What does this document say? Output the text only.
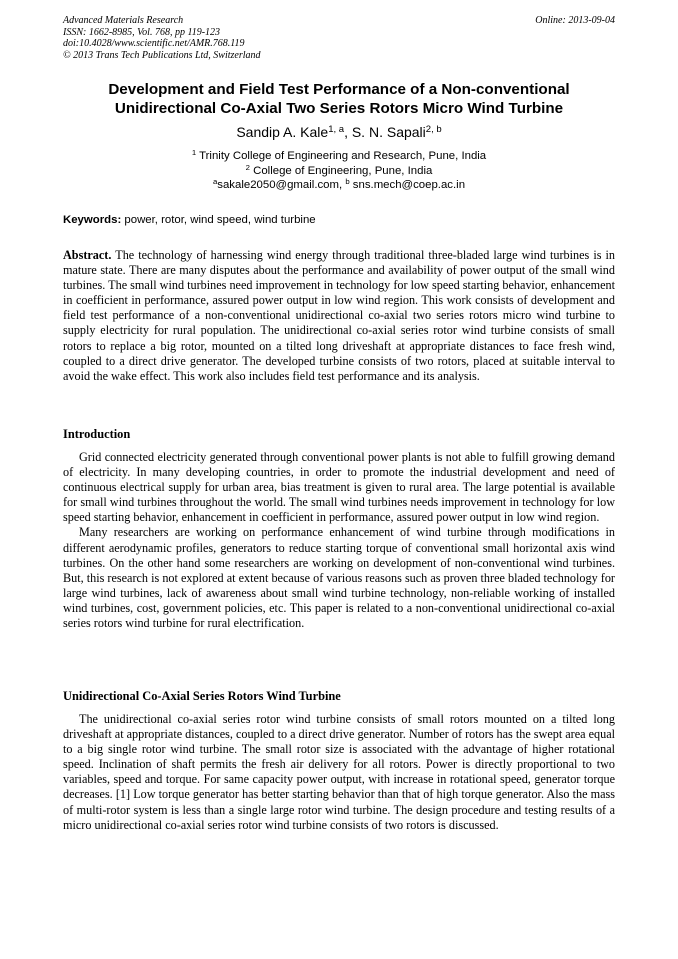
Advanced Materials Research
ISSN: 1662-8985, Vol. 768, pp 119-123
doi:10.4028/www.scientific.net/AMR.768.119
© 2013 Trans Tech Publications Ltd, Switzerland
Online: 2013-09-04
Development and Field Test Performance of a Non-conventional
Unidirectional Co-Axial Two Series Rotors Micro Wind Turbine
Sandip A. Kale$^{1, a}$, S. N. Sapali$^{2, b}$
$^1$ Trinity College of Engineering and Research, Pune, India
$^2$ College of Engineering, Pune, India
$^a$sakale2050@gmail.com, $^b$ sns.mech@coep.ac.in
Keywords: power, rotor, wind speed, wind turbine

Abstract. The technology of harnessing wind energy through traditional three-bladed large wind turbines is in mature state. There are many disputes about the performance and availability of power output of the small wind turbines. The small wind turbines need improvement in technology for low speed starting behavior, enhancement in coefficient in performance, assured power output in low wind region. This work consists of development and field test performance of a non-conventional unidirectional co-axial two series rotors micro wind turbine to supply electricity for rural population. The unidirectional co-axial series rotor wind turbine consists of small rotors to replace a big rotor, mounted on a tilted long driveshaft at appropriate distances to face fresh wind, coupled to a direct drive generator. The developed turbine consists of two rotors, placed at suitable interval to avoid the wake effect. This work also includes field test performance and its analysis.

Introduction

Grid connected electricity generated through conventional power plants is not able to fulfill growing demand of electricity. In many developing countries, in order to promote the industrial development and need of continuous electrical supply for urban area, bias treatment is given to rural area. The large potential is available for small wind turbines throughout the world. The small wind turbines needs improvement in technology for low speed starting behavior, enhancement in coefficient in performance, assured power output in low wind region.

Many researchers are working on performance enhancement of wind turbine through modifications in different aerodynamic profiles, generators to reduce starting torque of conventional small horizontal axis wind turbines. On the other hand some researchers are working on development of non-conventional wind turbines. But, this research is not explored at extent because of various reasons such as proven three bladed technology for large wind turbines, lack of awareness about small wind turbine technology, non-reliable working of installed wind turbines, cost, government policies, etc. This paper is related to a non-conventional unidirectional co-axial series rotors wind turbine for rural electrification.

Unidirectional Co-Axial Series Rotors Wind Turbine

The unidirectional co-axial series rotor wind turbine consists of small rotors mounted on a tilted long driveshaft at appropriate distances, coupled to a direct drive generator. Number of rotors has the swept area equal to a big single rotor wind turbine. The small rotor size is associated with the advantage of higher rotational speed. Inclination of shaft permits the fresh air delivery for all rotors. Power is directly proportional to two variables, speed and torque. For same capacity power output, with increase in rotational speed, generator torque decreases. [1] Low torque generator has better starting behavior than that of high torque generator. Also the mass of multi-rotor system is less than a single large rotor wind turbine. The design procedure and testing results of a micro unidirectional co-axial series rotor wind turbine consists of two rotors is discussed.
